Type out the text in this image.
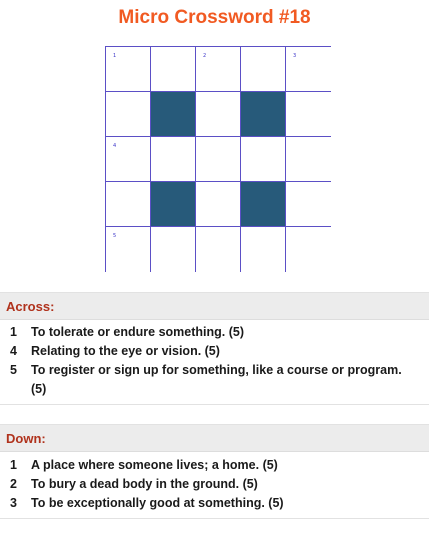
Micro Crossword #18
1	2	3
4
5
Across:
1 To tolerate or endure something. (5)
4 Relating to the eye or vision. (5)
5 To register or sign up for something, like a course or program. (5)
Down:
1 A place where someone lives; a home. (5)
2 To bury a dead body in the ground. (5)
3 To be exceptionally good at something. (5)
